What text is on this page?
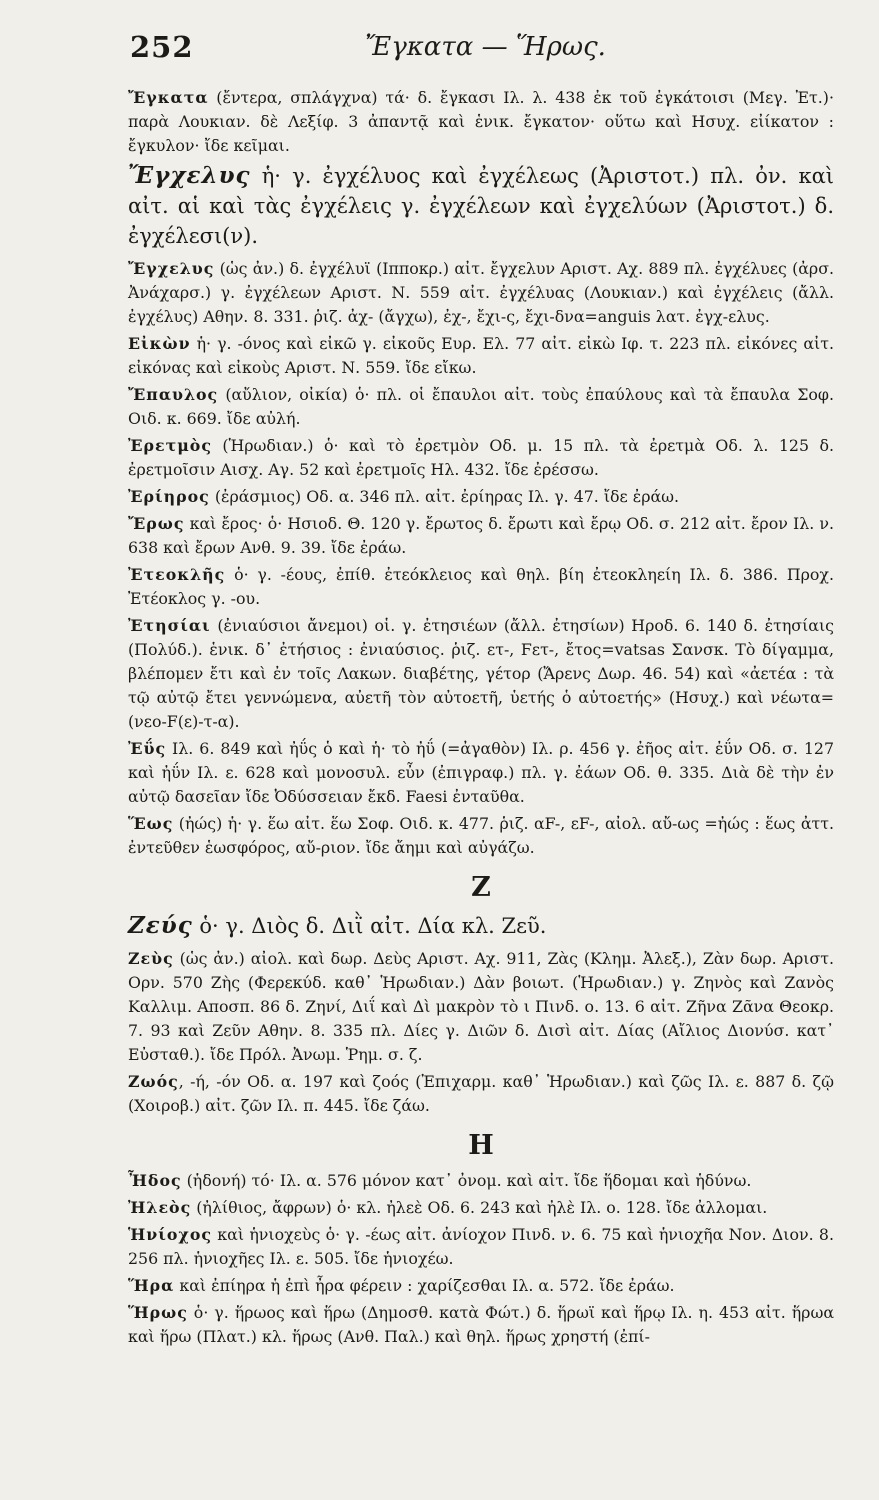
252	Ἔγκατα — Ἥρως.

Ἔγκατα (ἔντερα, σπλάγχνα) τά· δ. ἔγκασι Ιλ. λ. 438 ἐκ τοῦ ἐγκάτοισι (Μεγ. Ἐτ.)· παρὰ Λουκιαν. δὲ Λεξίφ. 3 ἀπαντᾷ καὶ ἑνικ. ἔγκατον· οὕτω καὶ Ησυχ. εἰίκατον : ἔγκυλον· ἴδε κεῖμαι.

Ἔγχελυς ἡ· γ. ἐγχέλυος καὶ ἐγχέλεως (Ἀριστοτ.) πλ. ὀν. καὶ αἰτ. αἱ καὶ τὰς ἐγχέλεις γ. ἐγχέλεων καὶ ἐγχελύων (Ἀριστοτ.) δ. ἐγχέλεσι(ν).

Ἔγχελυς (ὡς ἀν.) δ. ἐγχέλυϊ (Ιπποκρ.) αἰτ. ἔγχελυν Αριστ. Αχ. 889 πλ. ἐγχέλυες (ἀρσ. Ἀνάχαρσ.) γ. ἐγχέλεων Αριστ. Ν. 559 αἰτ. ἐγχέλυας (Λουκιαν.) καὶ ἐγχέλεις (ἄλλ. ἐγχέλυς) Αθην. 8. 331. ῥιζ. ἀχ- (ἄγχω), ἐχ-, ἔχι-ς, ἔχι-δνα=anguis λατ. ἐγχ-ελυς.

Εἰκὼν ἡ· γ. -όνος καὶ εἰκῶ γ. εἰκοῦς Ευρ. Ελ. 77 αἰτ. εἰκὼ Ιφ. τ. 223 πλ. εἰκόνες αἰτ. εἰκόνας καὶ εἰκοὺς Αριστ. Ν. 559. ἴδε εἴκω.

Ἔπαυλος (αὔλιον, οἰκία) ὁ· πλ. οἱ ἔπαυλοι αἰτ. τοὺς ἐπαύλους καὶ τὰ ἔπαυλα Σοφ. Οιδ. κ. 669. ἴδε αὐλή.

Ἐρετμὸς (Ἡρωδιαν.) ὁ· καὶ τὸ ἐρετμὸν Οδ. μ. 15 πλ. τὰ ἐρετμὰ Οδ. λ. 125 δ. ἐρετμοῖσιν Αισχ. Αγ. 52 καὶ ἐρετμοῖς Ηλ. 432. ἴδε ἐρέσσω.

Ἐρίηρος (ἐράσμιος) Οδ. α. 346 πλ. αἰτ. ἐρίηρας Ιλ. γ. 47. ἴδε ἐράω.

Ἔρως καὶ ἔρος· ὁ· Ησιοδ. Θ. 120 γ. ἔρωτος δ. ἔρωτι καὶ ἔρῳ Οδ. σ. 212 αἰτ. ἔρον Ιλ. ν. 638 καὶ ἔρων Ανθ. 9. 39. ἴδε ἐράω.

Ἐτεοκλῆς ὁ· γ. -έους, ἐπίθ. ἐτεόκλειος καὶ θηλ. βίη ἐτεοκληείη Ιλ. δ. 386. Προχ. Ἐτέοκλος γ. -ου.

Ἐτησίαι (ἐνιαύσιοι ἄνεμοι) οἱ. γ. ἐτησιέων (ἄλλ. ἐτησίων) Ηροδ. 6. 140 δ. ἐτησίαις (Πολύδ.). ἑνικ. δ᾽ ἐτήσιος : ἐνιαύσιος. ῥιζ. ετ-, Ϝετ-, ἔτος=vatsas Σανσκ. Τὸ δίγαμμα, βλέπομεν ἔτι καὶ ἐν τοῖς Λακων. διαβέτης, γέτορ (Ἄρενς Δωρ. 46. 54) καὶ «ἀετέα : τὰ τῷ αὐτῷ ἔτει γεννώμενα, αὐετῆ τὸν αὐτοετῆ, ὑετής ὁ αὐτοετής» (Ησυχ.) καὶ νέωτα=(νεο-F(ε)-τ-α).

Ἐΰς Ιλ. 6. 849 καὶ ἠΰς ὁ καὶ ἡ· τὸ ἠΰ (=ἀγαθὸν) Ιλ. ρ. 456 γ. ἐῆος αἰτ. ἐΰν Οδ. σ. 127 καὶ ἠΰν Ιλ. ε. 628 καὶ μονοσυλ. εὖν (ἐπιγραφ.) πλ. γ. ἐάων Οδ. θ. 335. Διὰ δὲ τὴν ἐν αὐτῷ δασεῖαν ἴδε Ὀδύσσειαν ἔκδ. Faesi ἐνταῦθα.

Ἕως (ἠώς) ἡ· γ. ἕω αἰτ. ἕω Σοφ. Οιδ. κ. 477. ῥιζ. αF-, εF-, αἰολ. αὔ-ως =ἠώς : ἕως ἀττ. ἐντεῦθεν ἑωσφόρος, αὔ-ριον. ἴδε ἄημι καὶ αὐγάζω.

Ζ

Ζεύς ὁ· γ. Διὸς δ. Διῒ αἰτ. Δία κλ. Ζεῦ.

Ζεὺς (ὡς ἀν.) αἰολ. καὶ δωρ. Δεὺς Αριστ. Αχ. 911, Ζὰς (Κλημ. Ἀλεξ.), Ζὰν δωρ. Αριστ. Ορν. 570 Ζὴς (Φερεκύδ. καθ᾽ Ἡρωδιαν.) Δὰν βοιωτ. (Ἡρωδιαν.) γ. Ζηνὸς καὶ Ζανὸς Καλλιμ. Αποσπ. 86 δ. Ζηνί, Διΐ καὶ Δὶ μακρὸν τὸ ι Πινδ. ο. 13. 6 αἰτ. Ζῆνα Ζᾶνα Θεοκρ. 7. 93 καὶ Ζεῦν Αθην. 8. 335 πλ. Δίες γ. Διῶν δ. Δισὶ αἰτ. Δίας (Αἴλιος Διονύσ. κατ᾽ Εὐσταθ.). ἴδε Πρόλ. Ἀνωμ. Ῥημ. σ. ζ.

Ζωός, -ή, -όν Οδ. α. 197 καὶ ζοός (Ἐπιχαρμ. καθ᾽ Ἡρωδιαν.) καὶ ζῶς Ιλ. ε. 887 δ. ζῷ (Χοιροβ.) αἰτ. ζῶν Ιλ. π. 445. ἴδε ζάω.

Η

Ἦδος (ἡδονή) τό· Ιλ. α. 576 μόνον κατ᾽ ὀνομ. καὶ αἰτ. ἴδε ἥδομαι καὶ ἡδύνω.

Ἠλεὸς (ἠλίθιος, ἄφρων) ὁ· κλ. ἠλεὲ Οδ. 6. 243 καὶ ἠλὲ Ιλ. ο. 128. ἴδε ἀλλομαι.

Ἡνίοχος καὶ ἡνιοχεὺς ὁ· γ. -έως αἰτ. ἀνίοχον Πινδ. ν. 6. 75 καὶ ἡνιοχῆα Νον. Διον. 8. 256 πλ. ἡνιοχῆες Ιλ. ε. 505. ἴδε ἡνιοχέω.

Ἥρα καὶ ἐπίηρα ἡ ἐπὶ ἦρα φέρειν : χαρίζεσθαι Ιλ. α. 572. ἴδε ἐράω.

Ἥρως ὁ· γ. ἥρωος καὶ ἥρω (Δημοσθ. κατὰ Φώτ.) δ. ἥρωϊ καὶ ἥρῳ Ιλ. η. 453 αἰτ. ἥρωα καὶ ἥρω (Πλατ.) κλ. ἥρως (Ανθ. Παλ.) καὶ θηλ. ἥρως χρηστή (ἐπί-
